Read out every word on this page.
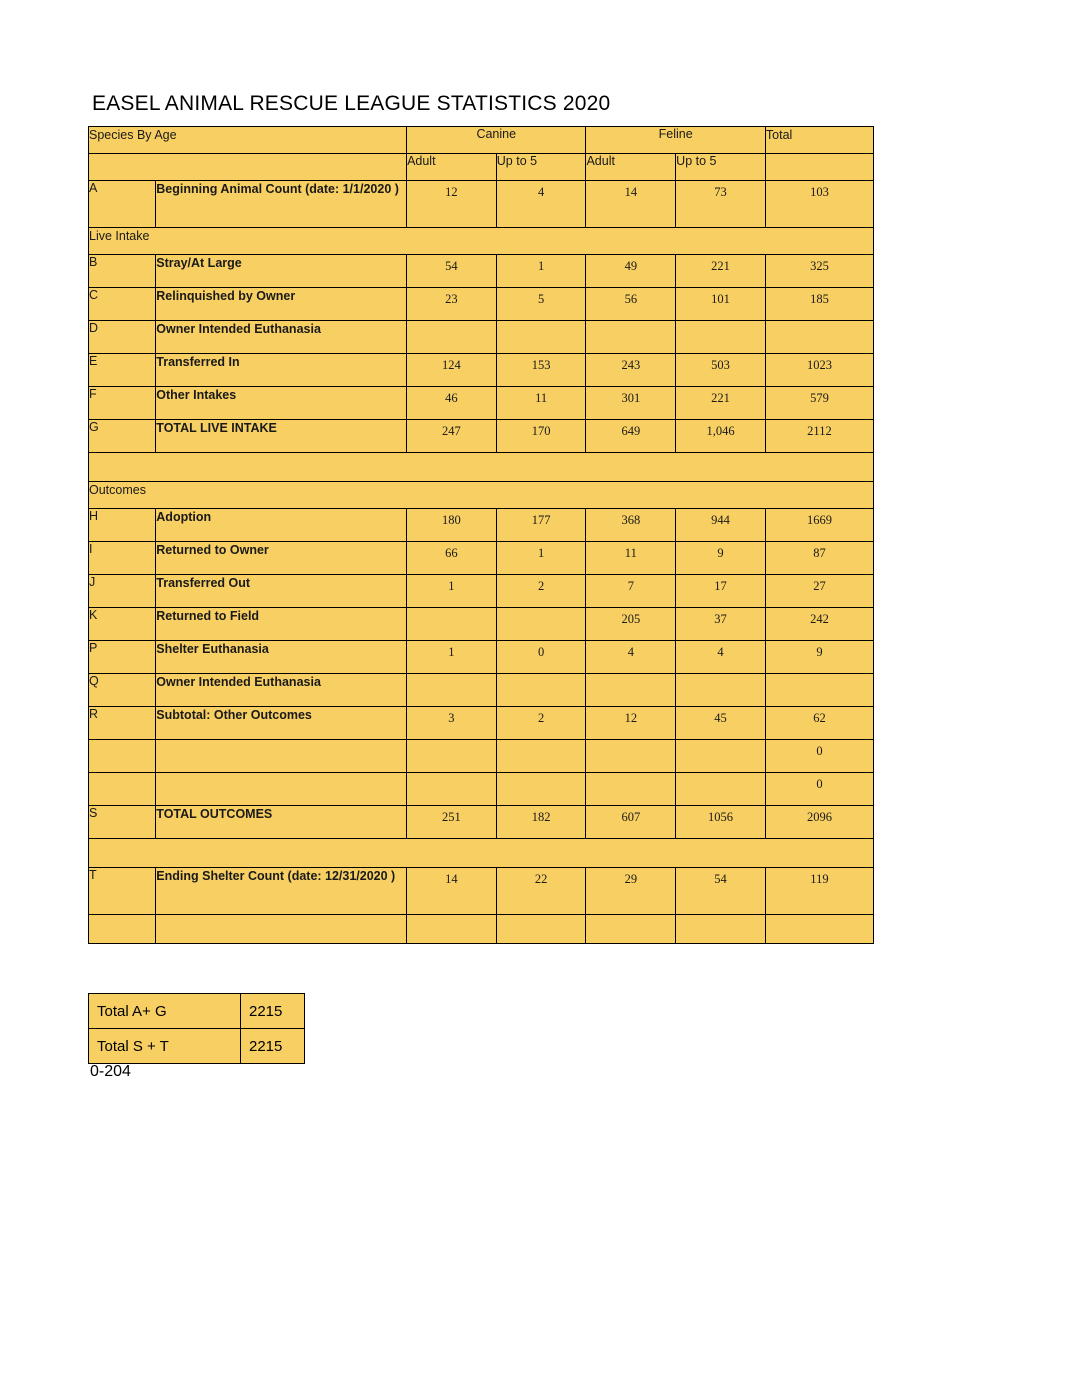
EASEL ANIMAL RESCUE LEAGUE STATISTICS 2020
Species By Age		Canine		Feline		Total
		Adult	Up to 5	Adult	Up to 5	
A	Beginning Animal Count (date: 1/1/2020 )	12	4	14	73	103
Live Intake						
B	Stray/At Large	54	1	49	221	325
C	Relinquished by Owner	23	5	56	101	185
D	Owner Intended Euthanasia					
E	Transferred In	124	153	243	503	1023
F	Other Intakes	46	11	301	221	579
G	TOTAL LIVE INTAKE	247	170	649	1,046	2112

Outcomes						
H	Adoption	180	177	368	944	1669
I	Returned to Owner	66	1	11	9	87
J	Transferred Out	1	2	7	17	27
K	Returned to Field			205	37	242
P	Shelter Euthanasia	1	0	4	4	9
Q	Owner Intended Euthanasia					
R	Subtotal: Other Outcomes	3	2	12	45	62
						0
						0
S	TOTAL OUTCOMES	251	182	607	1056	2096

T	Ending Shelter Count (date: 12/31/2020 )	14	22	29	54	119

Total A+ G	2215
Total S + T	2215
0-204
